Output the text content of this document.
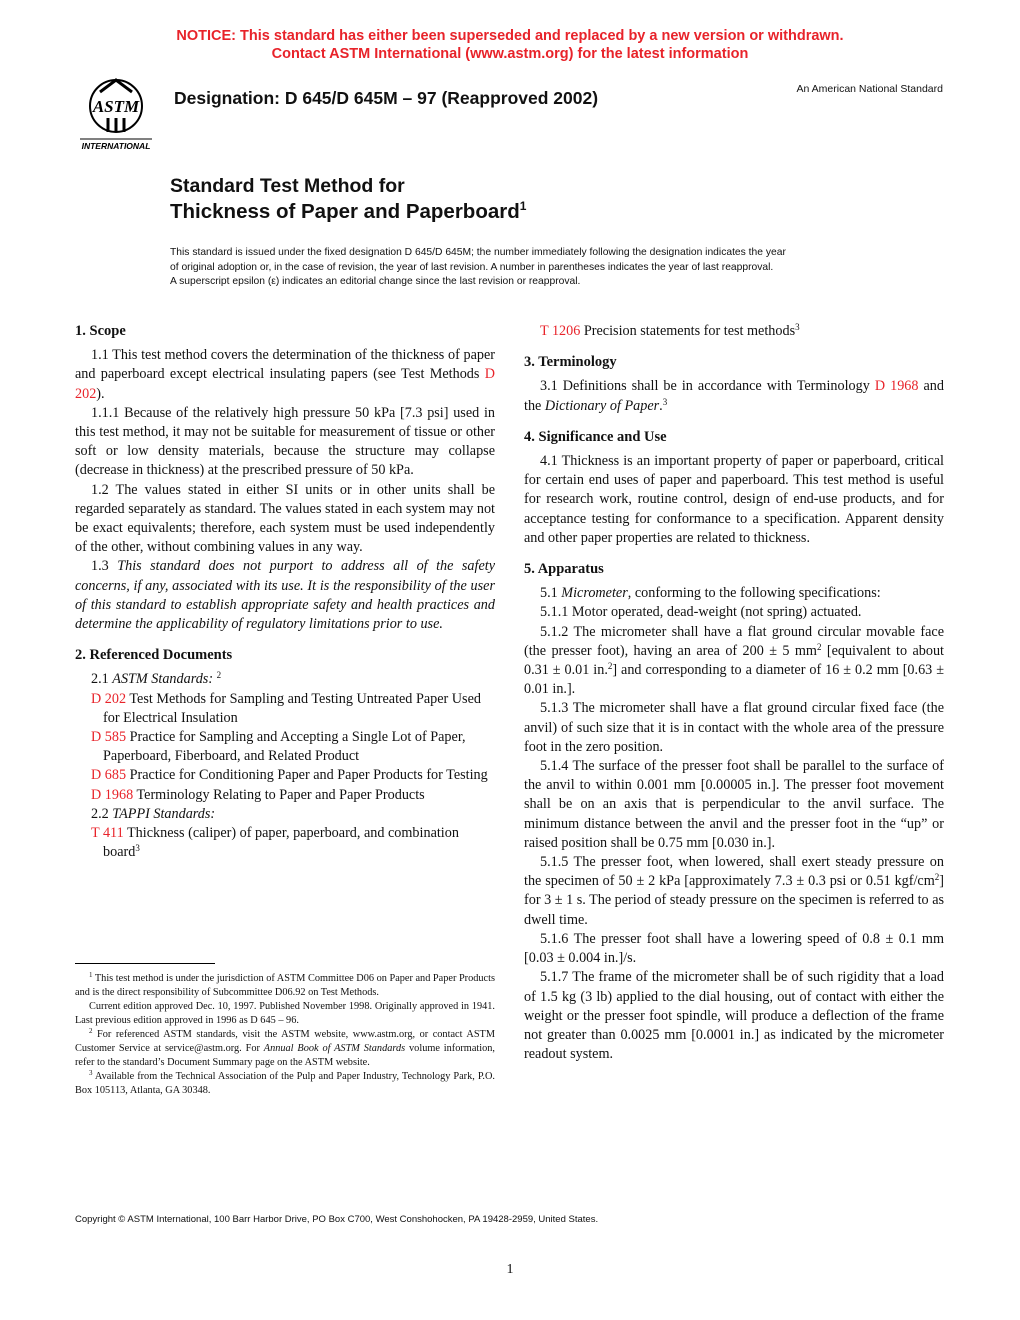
NOTICE: This standard has either been superseded and replaced by a new version or withdrawn.
Contact ASTM International (www.astm.org) for the latest information
ASTM
INTERNATIONAL
Designation: D 645/D 645M – 97 (Reapproved 2002)	An American National Standard
Standard Test Method for
Thickness of Paper and Paperboard$^1$

This standard is issued under the fixed designation D 645/D 645M; the number immediately following the designation indicates the year

of original adoption or, in the case of revision, the year of last revision. A number in parentheses indicates the year of last reapproval.

A superscript epsilon (ε) indicates an editorial change since the last revision or reapproval.

1. Scope

1.1 This test method covers the determination of the thickness of paper and paperboard except electrical insulating papers (see Test Methods D 202).

1.1.1 Because of the relatively high pressure 50 kPa [7.3 psi] used in this test method, it may not be suitable for measurement of tissue or other soft or low density materials, because the structure may collapse (decrease in thickness) at the prescribed pressure of 50 kPa.

1.2 The values stated in either SI units or in other units shall be regarded separately as standard. The values stated in each system may not be exact equivalents; therefore, each system must be used independently of the other, without combining values in any way.

1.3 This standard does not purport to address all of the safety concerns, if any, associated with its use. It is the responsibility of the user of this standard to establish appropriate safety and health practices and determine the applicability of regulatory limitations prior to use.

2. Referenced Documents

2.1 ASTM Standards: $^2$

D 202 Test Methods for Sampling and Testing Untreated Paper Used for Electrical Insulation

D 585 Practice for Sampling and Accepting a Single Lot of Paper, Paperboard, Fiberboard, and Related Product

D 685 Practice for Conditioning Paper and Paper Products for Testing

D 1968 Terminology Relating to Paper and Paper Products

2.2 TAPPI Standards:

T 411 Thickness (caliper) of paper, paperboard, and combination board$^3$

T 1206 Precision statements for test methods$^3$

3. Terminology

3.1 Definitions shall be in accordance with Terminology D 1968 and the Dictionary of Paper.$^3$

4. Significance and Use

4.1 Thickness is an important property of paper or paperboard, critical for certain end uses of paper and paperboard. This test method is useful for research work, routine control, design of end-use products, and for acceptance testing for conformance to a specification. Apparent density and other paper properties are related to thickness.

5. Apparatus

5.1 Micrometer, conforming to the following specifications:

5.1.1 Motor operated, dead-weight (not spring) actuated.

5.1.2 The micrometer shall have a flat ground circular movable face (the presser foot), having an area of 200 ± 5 $mm^2$ [equivalent to about 0.31 ± 0.01 in.$^2$] and corresponding to a diameter of 16 ± 0.2 mm [0.63 ± 0.01 in.].

5.1.3 The micrometer shall have a flat ground circular fixed face (the anvil) of such size that it is in contact with the whole area of the pressure foot in the zero position.

5.1.4 The surface of the presser foot shall be parallel to the surface of the anvil to within 0.001 mm [0.00005 in.]. The presser foot movement shall be on an axis that is perpendicular to the anvil surface. The minimum distance between the anvil and the presser foot in the “up” or raised position shall be 0.75 mm [0.030 in.].

5.1.5 The presser foot, when lowered, shall exert steady pressure on the specimen of 50 ± 2 kPa [approximately 7.3 ± 0.3 psi or 0.51 kgf/$cm^2$] for 3 ± 1 s. The period of steady pressure on the specimen is referred to as dwell time.

5.1.6 The presser foot shall have a lowering speed of 0.8 ± 0.1 mm [0.03 ± 0.004 in.]/s.

5.1.7 The frame of the micrometer shall be of such rigidity that a load of 1.5 kg (3 lb) applied to the dial housing, out of contact with either the weight or the presser foot spindle, will produce a deflection of the frame not greater than 0.0025 mm [0.0001 in.] as indicated by the micrometer readout system.

$^1$ This test method is under the jurisdiction of ASTM Committee D06 on Paper and Paper Products and is the direct responsibility of Subcommittee D06.92 on Test Methods.

Current edition approved Dec. 10, 1997. Published November 1998. Originally approved in 1941. Last previous edition approved in 1996 as D 645 – 96.

$^2$ For referenced ASTM standards, visit the ASTM website, www.astm.org, or contact ASTM Customer Service at service@astm.org. For Annual Book of ASTM Standards volume information, refer to the standard’s Document Summary page on the ASTM website.

$^3$ Available from the Technical Association of the Pulp and Paper Industry, Technology Park, P.O. Box 105113, Atlanta, GA 30348.

Copyright © ASTM International, 100 Barr Harbor Drive, PO Box C700, West Conshohocken, PA 19428-2959, United States.
1
